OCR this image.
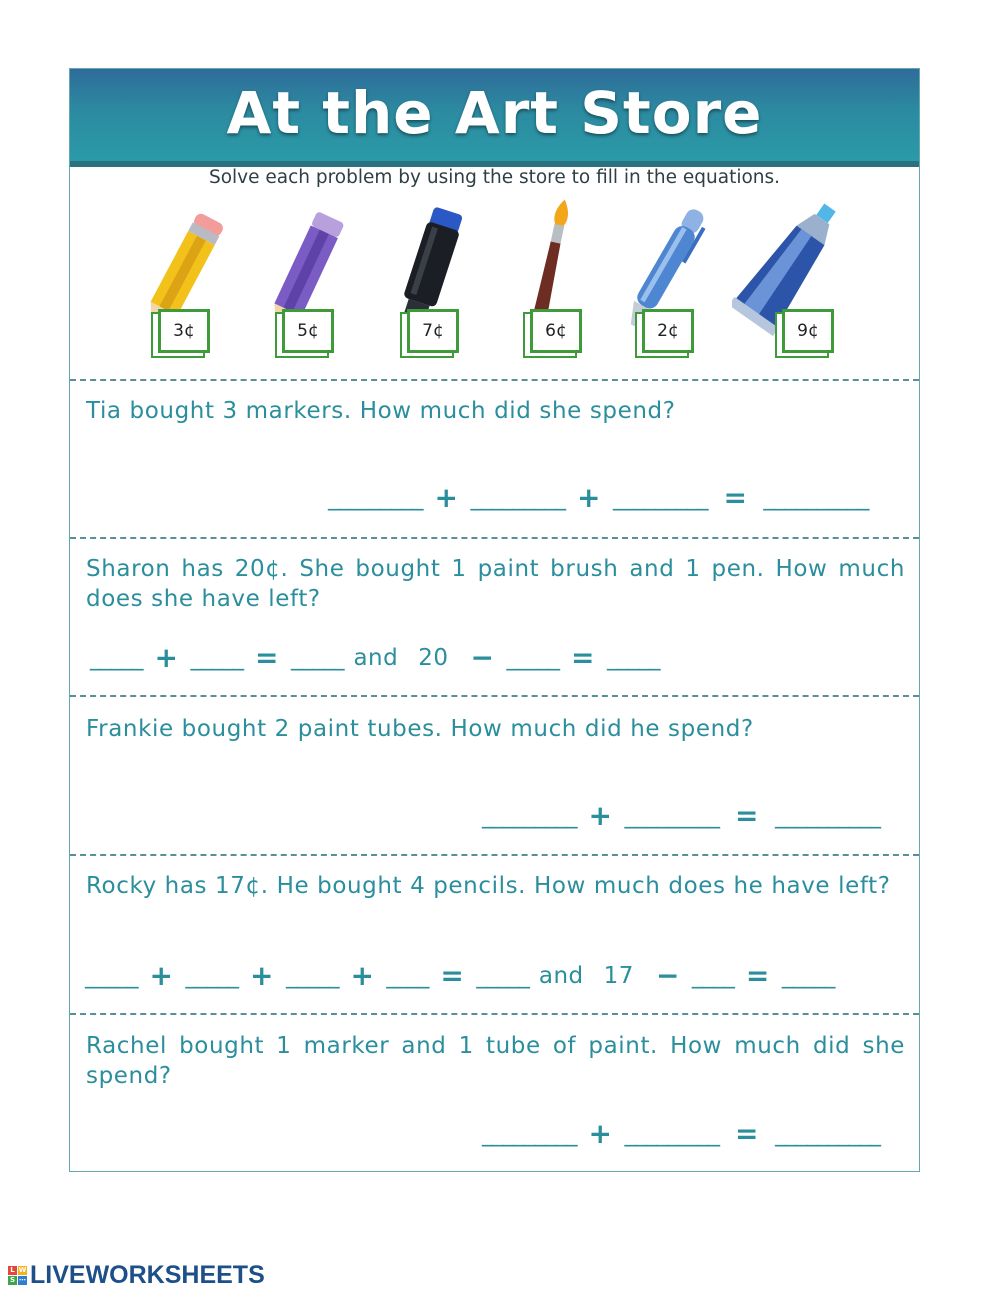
At the Art Store
Solve each problem by using the store to fill in the equations.
3¢	5¢	7¢	6¢	2¢	9¢
Tia bought 3 markers. How much did she spend?
_________ + _________ + _________ = __________
Sharon has 20¢. She bought 1 paint brush and 1 pen. How much does she have left?
_____ + _____ = _____ and 20 − _____ = _____
Frankie bought 2 paint tubes. How much did he spend?
_________ + _________ = __________
Rocky has 17¢. He bought 4 pencils. How much does he have left?
_____ + _____ + _____ + ____ = _____ and 17 − ____ = _____
Rachel bought 1 marker and 1 tube of paint. How much did she spend?
_________ + _________ = __________
L W
S ⋯ LIVEWORKSHEETS
